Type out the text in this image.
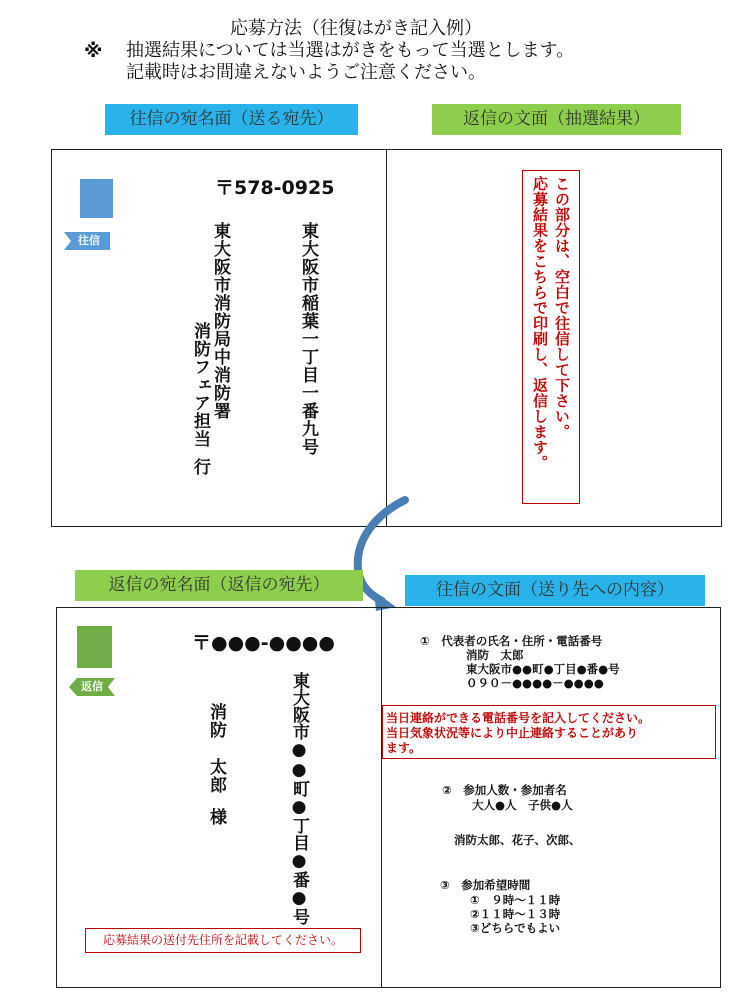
応募方法（往復はがき記入例）
※ 抽選結果については当選はがきをもって当選とします。
記載時はお間違えないようご注意ください。
往信の宛名面（送る宛先）	返信の文面（抽選結果）
往信
〒578-0925
東大阪市稲葉一丁目一番九号
東大阪市消防局中消防署
消防フェア担当
行
この部分は、空白で往信して下さい。
応募結果をこちらで印刷し、返信します。
返信の宛名面（返信の宛先）	往信の文面（送り先への内容）
返信
〒●●●-●●●●
東大阪市●●町●丁目●番●号
消防
太郎
様
応募結果の送付先住所を記載してください。
①　代表者の氏名・住所・電話番号
消防　太郎
東大阪市●●町●丁目●番●号
０９０－●●●●－●●●●
当日連絡ができる電話番号を記入してください。
当日気象状況等により中止連絡することがあり
ます。
②　参加人数・参加者名
大人●人　子供●人
消防太郎、花子、次郎、
③　参加希望時間
①　９時～１１時
②１１時～１３時
③どちらでもよい
